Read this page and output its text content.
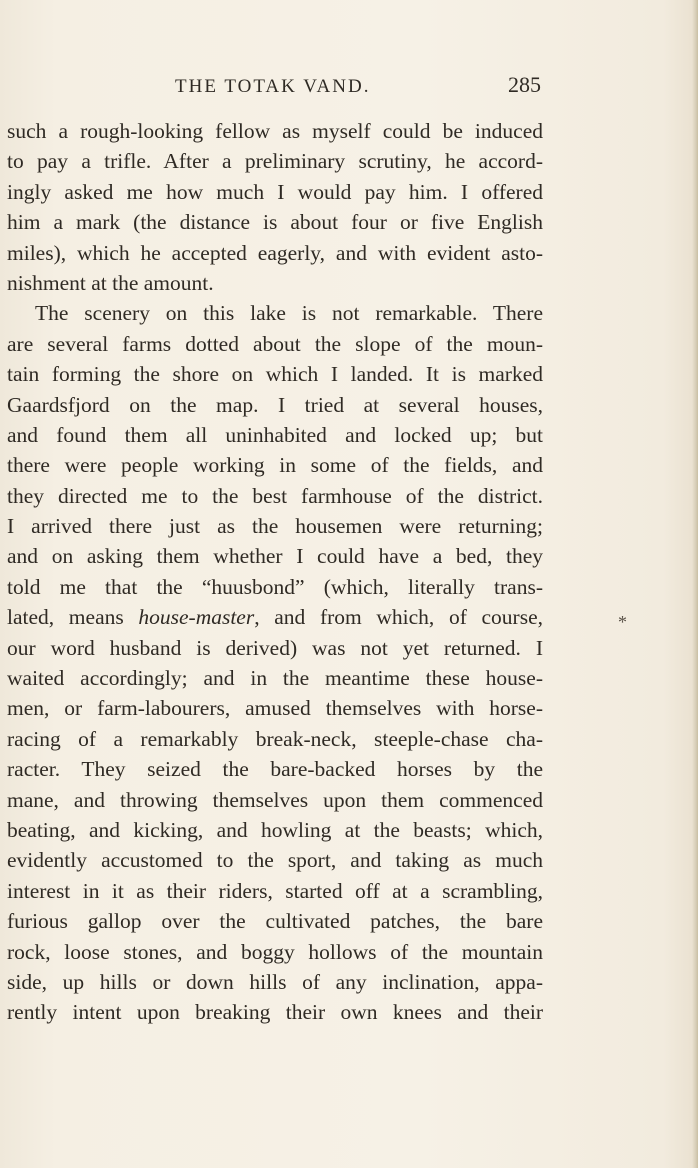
THE TOTAK VAND.	285
such a rough-looking fellow as myself could be induced
to pay a trifle. After a preliminary scrutiny, he accord-
ingly asked me how much I would pay him. I offered
him a mark (the distance is about four or five English
miles), which he accepted eagerly, and with evident asto-
nishment at the amount.
The scenery on this lake is not remarkable. There
are several farms dotted about the slope of the moun-
tain forming the shore on which I landed. It is marked
Gaardsfjord on the map. I tried at several houses,
and found them all uninhabited and locked up; but
there were people working in some of the fields, and
they directed me to the best farmhouse of the district.
I arrived there just as the housemen were returning;
and on asking them whether I could have a bed, they
told me that the “huusbond” (which, literally trans-
lated, means house-master, and from which, of course,
our word husband is derived) was not yet returned. I
waited accordingly; and in the meantime these house-
men, or farm-labourers, amused themselves with horse-
racing of a remarkably break-neck, steeple-chase cha-
racter. They seized the bare-backed horses by the
mane, and throwing themselves upon them commenced
beating, and kicking, and howling at the beasts; which,
evidently accustomed to the sport, and taking as much
interest in it as their riders, started off at a scrambling,
furious gallop over the cultivated patches, the bare
rock, loose stones, and boggy hollows of the mountain
side, up hills or down hills of any inclination, appa-
rently intent upon breaking their own knees and their
*
